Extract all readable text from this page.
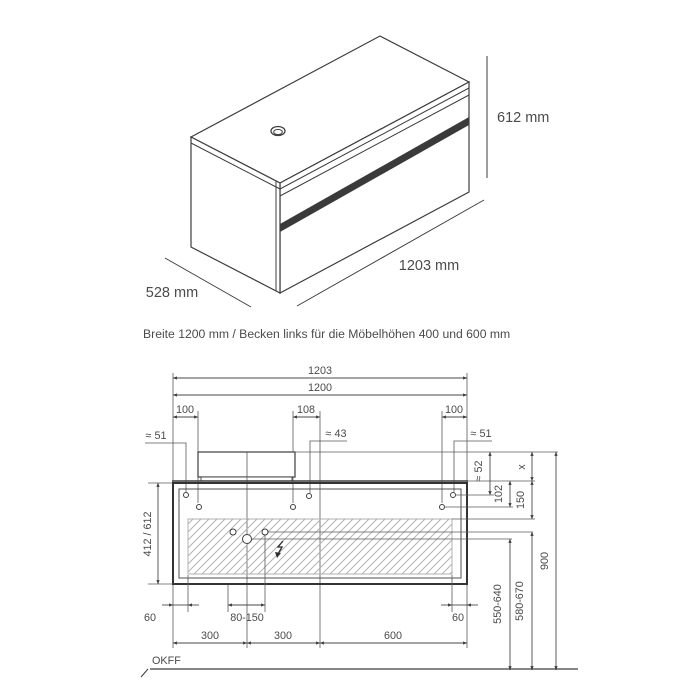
612 mm
1203 mm
528 mm
Breite 1200 mm / Becken links für die Möbelhöhen 400 und 600 mm
1203
1200
100	108	100
≈ 51	≈ 43	≈ 51
412 / 612
≈ 52	x
102 150
550-640 580-670
900
60	80-150	60
300	300	600
OKFF
